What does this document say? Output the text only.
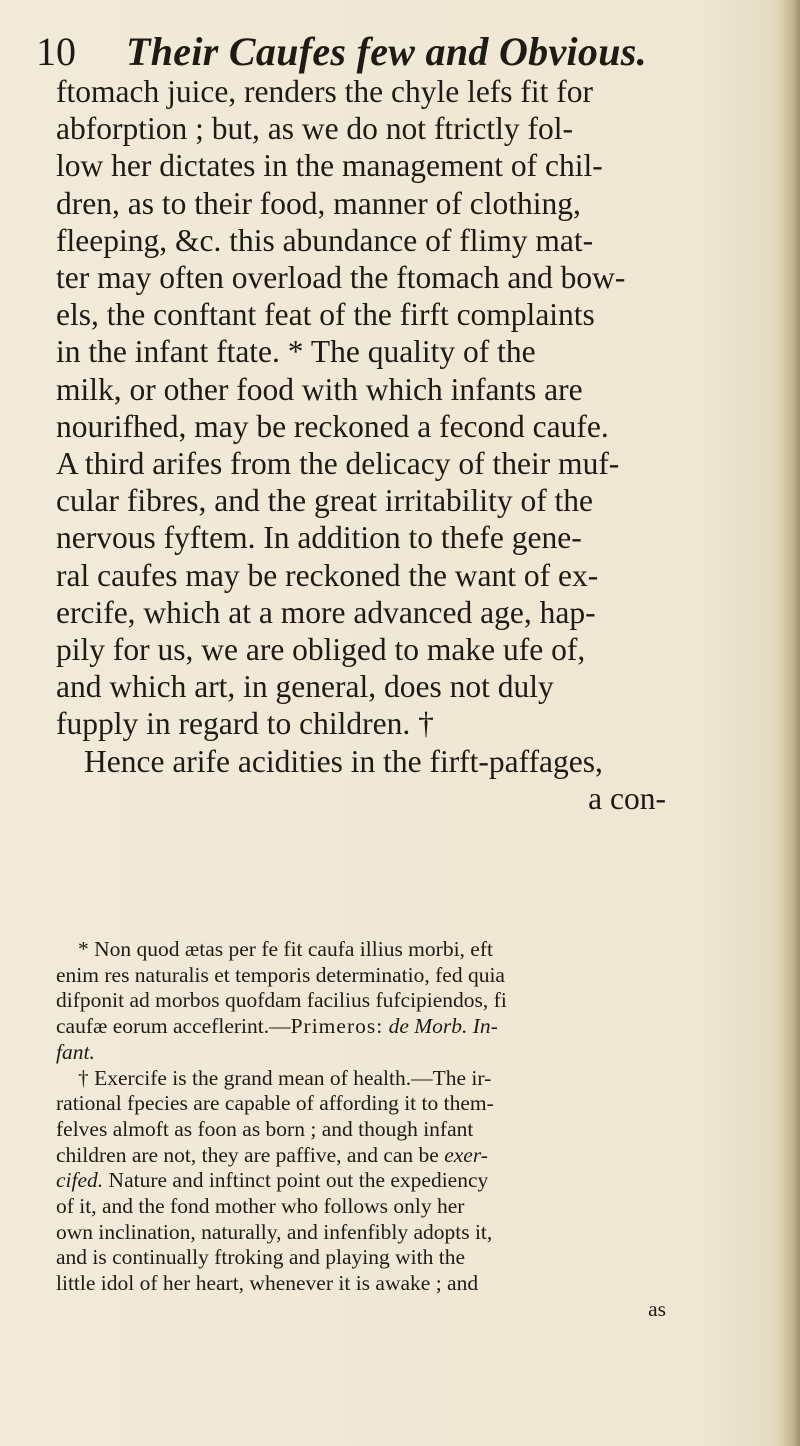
10 Their Caufes few and Obvious.
ftomach juice, renders the chyle lefs fit for
abforption ; but, as we do not ftrictly fol-
low her dictates in the management of chil-
dren, as to their food, manner of clothing,
fleeping, &c. this abundance of flimy mat-
ter may often overload the ftomach and bow-
els, the conftant feat of the firft complaints
in the infant ftate. * The quality of the
milk, or other food with which infants are
nourifhed, may be reckoned a fecond caufe.
A third arifes from the delicacy of their muf-
cular fibres, and the great irritability of the
nervous fyftem. In addition to thefe gene-
ral caufes may be reckoned the want of ex-
ercife, which at a more advanced age, hap-
pily for us, we are obliged to make ufe of,
and which art, in general, does not duly
fupply in regard to children. †
Hence arife acidities in the firft-paffages,
a con-
* Non quod ætas per fe fit caufa illius morbi, eft
enim res naturalis et temporis determinatio, fed quia
difponit ad morbos quofdam facilius fufcipiendos, fi
caufæ eorum acceflerint.—Primeros: de Morb. In-
fant.
† Exercife is the grand mean of health.—The ir-
rational fpecies are capable of affording it to them-
felves almoft as foon as born ; and though infant
children are not, they are paffive, and can be exer-
cifed. Nature and inftinct point out the expediency
of it, and the fond mother who follows only her
own inclination, naturally, and infenfibly adopts it,
and is continually ftroking and playing with the
little idol of her heart, whenever it is awake ; and
as
